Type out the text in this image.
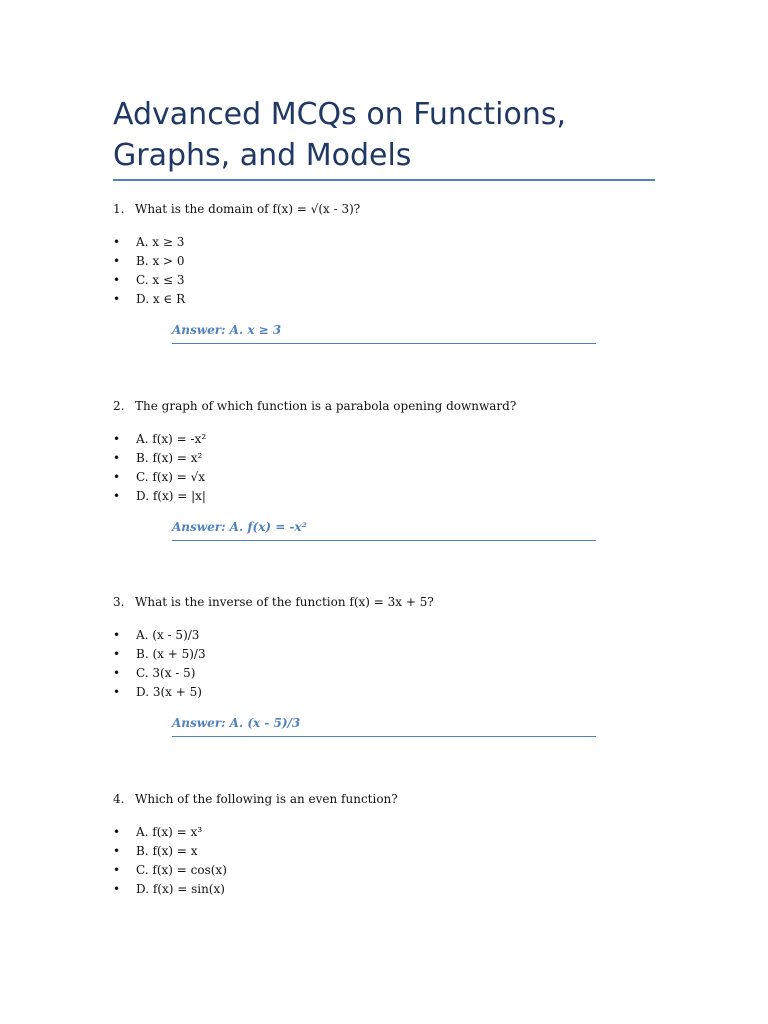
Advanced MCQs on Functions, Graphs, and Models
1. What is the domain of f(x) = √(x - 3)?
• A. x ≥ 3
• B. x > 0
• C. x ≤ 3
• D. x ∈ R
Answer: A. x ≥ 3
2. The graph of which function is a parabola opening downward?
• A. f(x) = -x²
• B. f(x) = x²
• C. f(x) = √x
• D. f(x) = |x|
Answer: A. f(x) = -x²
3. What is the inverse of the function f(x) = 3x + 5?
• A. (x - 5)/3
• B. (x + 5)/3
• C. 3(x - 5)
• D. 3(x + 5)
Answer: A. (x - 5)/3
4. Which of the following is an even function?
• A. f(x) = x³
• B. f(x) = x
• C. f(x) = cos(x)
• D. f(x) = sin(x)
